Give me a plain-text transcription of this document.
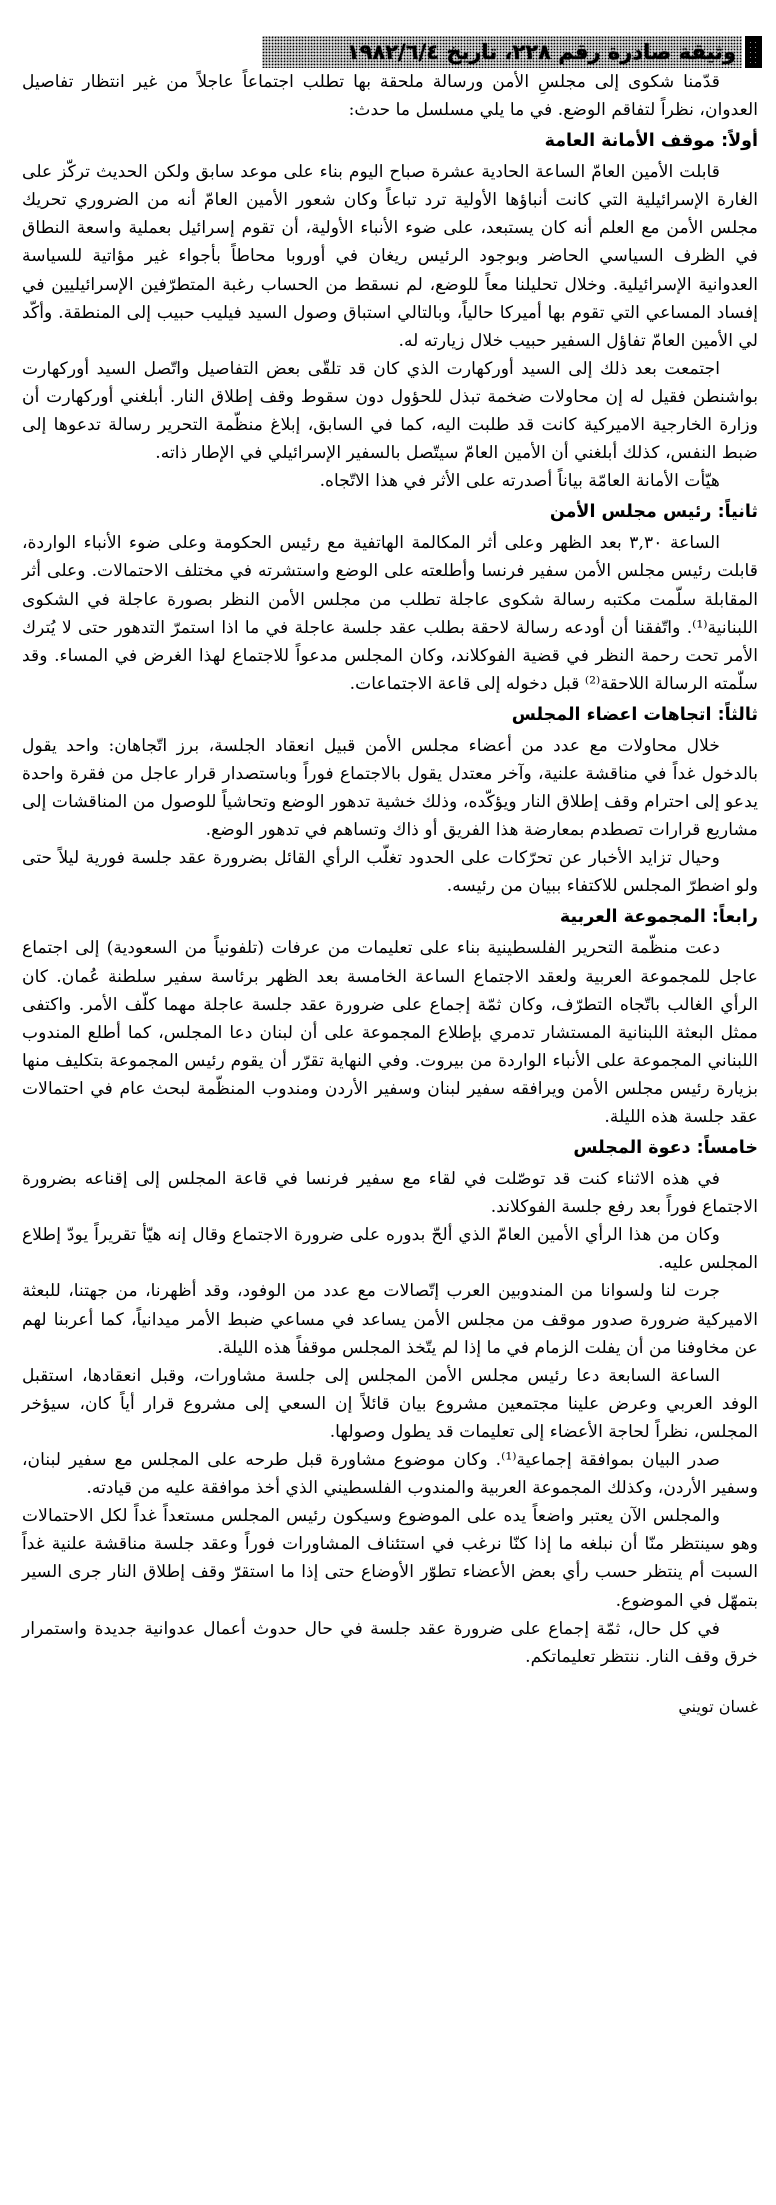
وثيقة صادرة رقم ٢٢٨، تاريخ ١٩٨٢/٦/٤

قدّمنا شكوى إلى مجلسِ الأمن ورسالة ملحقة بها تطلب اجتماعاً عاجلاً من غير انتظار تفاصيل العدوان، نظراً لتفاقم الوضع. في ما يلي مسلسل ما حدث:

أولاً: موقف الأمانة العامة

قابلت الأمين العامّ الساعة الحادية عشرة صباح اليوم بناء على موعد سابق ولكن الحديث تركّز على الغارة الإسرائيلية التي كانت أنباؤها الأولية ترد تباعاً وكان شعور الأمين العامّ أنه من الضروري تحريك مجلس الأمن مع العلم أنه كان يستبعد، على ضوء الأنباء الأولية، أن تقوم إسرائيل بعملية واسعة النطاق في الظرف السياسي الحاضر وبوجود الرئيس ريغان في أوروبا محاطاً بأجواء غير مؤاتية للسياسة العدوانية الإسرائيلية. وخلال تحليلنا معاً للوضع، لم نسقط من الحساب رغبة المتطرّفين الإسرائيليين في إفساد المساعي التي تقوم بها أميركا حالياً، وبالتالي استباق وصول السيد فيليب حبيب إلى المنطقة. وأكّد لي الأمين العامّ تفاؤل السفير حبيب خلال زيارته له.

اجتمعت بعد ذلك إلى السيد أوركهارت الذي كان قد تلقّى بعض التفاصيل واتّصل السيد أوركهارت بواشنطن فقيل له إن محاولات ضخمة تبذل للحؤول دون سقوط وقف إطلاق النار. أبلغني أوركهارت أن وزارة الخارجية الاميركية كانت قد طلبت اليه، كما في السابق، إبلاغ منظّمة التحرير رسالة تدعوها إلى ضبط النفس، كذلك أبلغني أن الأمين العامّ سيتّصل بالسفير الإسرائيلي في الإطار ذاته.

هيّأت الأمانة العامّة بياناً أصدرته على الأثر في هذا الاتّجاه.

ثانياً: رئيس مجلس الأمن

الساعة ٣,٣٠ بعد الظهر وعلى أثر المكالمة الهاتفية مع رئيس الحكومة وعلى ضوء الأنباء الواردة، قابلت رئيس مجلس الأمن سفير فرنسا وأطلعته على الوضع واستشرته في مختلف الاحتمالات. وعلى أثر المقابلة سلّمت مكتبه رسالة شكوى عاجلة تطلب من مجلس الأمن النظر بصورة عاجلة في الشكوى اللبنانية⁽¹⁾. واتّفقنا أن أودعه رسالة لاحقة بطلب عقد جلسة عاجلة في ما اذا استمرّ التدهور حتى لا يُترك الأمر تحت رحمة النظر في قضية الفوكلاند، وكان المجلس مدعواً للاجتماع لهذا الغرض في المساء. وقد سلّمته الرسالة اللاحقة⁽²⁾ قبل دخوله إلى قاعة الاجتماعات.

ثالثاً: اتجاهات اعضاء المجلس

خلال محاولات مع عدد من أعضاء مجلس الأمن قبيل انعقاد الجلسة، برز اتّجاهان: واحد يقول بالدخول غداً في مناقشة علنية، وآخر معتدل يقول بالاجتماع فوراً وباستصدار قرار عاجل من فقرة واحدة يدعو إلى احترام وقف إطلاق النار ويؤكّده، وذلك خشية تدهور الوضع وتحاشياً للوصول من المناقشات إلى مشاريع قرارات تصطدم بمعارضة هذا الفريق أو ذاك وتساهم في تدهور الوضع.

وحيال تزايد الأخبار عن تحرّكات على الحدود تغلّب الرأي القائل بضرورة عقد جلسة فورية ليلاً حتى ولو اضطرّ المجلس للاكتفاء ببيان من رئيسه.

رابعاً: المجموعة العربية

دعت منظّمة التحرير الفلسطينية بناء على تعليمات من عرفات (تلفونياً من السعودية) إلى اجتماع عاجل للمجموعة العربية ولعقد الاجتماع الساعة الخامسة بعد الظهر برئاسة سفير سلطنة عُمان. كان الرأي الغالب باتّجاه التطرّف، وكان ثمّة إجماع على ضرورة عقد جلسة عاجلة مهما كلّف الأمر. واكتفى ممثل البعثة اللبنانية المستشار تدمري بإطلاع المجموعة على أن لبنان دعا المجلس، كما أطلع المندوب اللبناني المجموعة على الأنباء الواردة من بيروت. وفي النهاية تقرّر أن يقوم رئيس المجموعة بتكليف منها بزيارة رئيس مجلس الأمن ويرافقه سفير لبنان وسفير الأردن ومندوب المنظّمة لبحث عام في احتمالات عقد جلسة هذه الليلة.

خامساً: دعوة المجلس

في هذه الاثناء كنت قد توصّلت في لقاء مع سفير فرنسا في قاعة المجلس إلى إقناعه بضرورة الاجتماع فوراً بعد رفع جلسة الفوكلاند.

وكان من هذا الرأي الأمين العامّ الذي ألحّ بدوره على ضرورة الاجتماع وقال إنه هيّأ تقريراً يودّ إطلاع المجلس عليه.

جرت لنا ولسوانا من المندوبين العرب إتّصالات مع عدد من الوفود، وقد أظهرنا، من جهتنا، للبعثة الاميركية ضرورة صدور موقف من مجلس الأمن يساعد في مساعي ضبط الأمر ميدانياً، كما أعربنا لهم عن مخاوفنا من أن يفلت الزمام في ما إذا لم يتّخذ المجلس موقفاً هذه الليلة.

الساعة السابعة دعا رئيس مجلس الأمن المجلس إلى جلسة مشاورات، وقبل انعقادها، استقبل الوفد العربي وعرض علينا مجتمعين مشروع بيان قائلاً إن السعي إلى مشروع قرار أياً كان، سيؤخر المجلس، نظراً لحاجة الأعضاء إلى تعليمات قد يطول وصولها.

صدر البيان بموافقة إجماعية⁽¹⁾. وكان موضوع مشاورة قبل طرحه على المجلس مع سفير لبنان، وسفير الأردن، وكذلك المجموعة العربية والمندوب الفلسطيني الذي أخذ موافقة عليه من قيادته.

والمجلس الآن يعتبر واضعاً يده على الموضوع وسيكون رئيس المجلس مستعداً غداً لكل الاحتمالات وهو سينتظر منّا أن نبلغه ما إذا كنّا نرغب في استئناف المشاورات فوراً وعقد جلسة مناقشة علنية غداً السبت أم ينتظر حسب رأي بعض الأعضاء تطوّر الأوضاع حتى إذا ما استقرّ وقف إطلاق النار جرى السير بتمهّل في الموضوع.

في كل حال، ثمّة إجماع على ضرورة عقد جلسة في حال حدوث أعمال عدوانية جديدة واستمرار خرق وقف النار. ننتظر تعليماتكم.

غسان تويني
